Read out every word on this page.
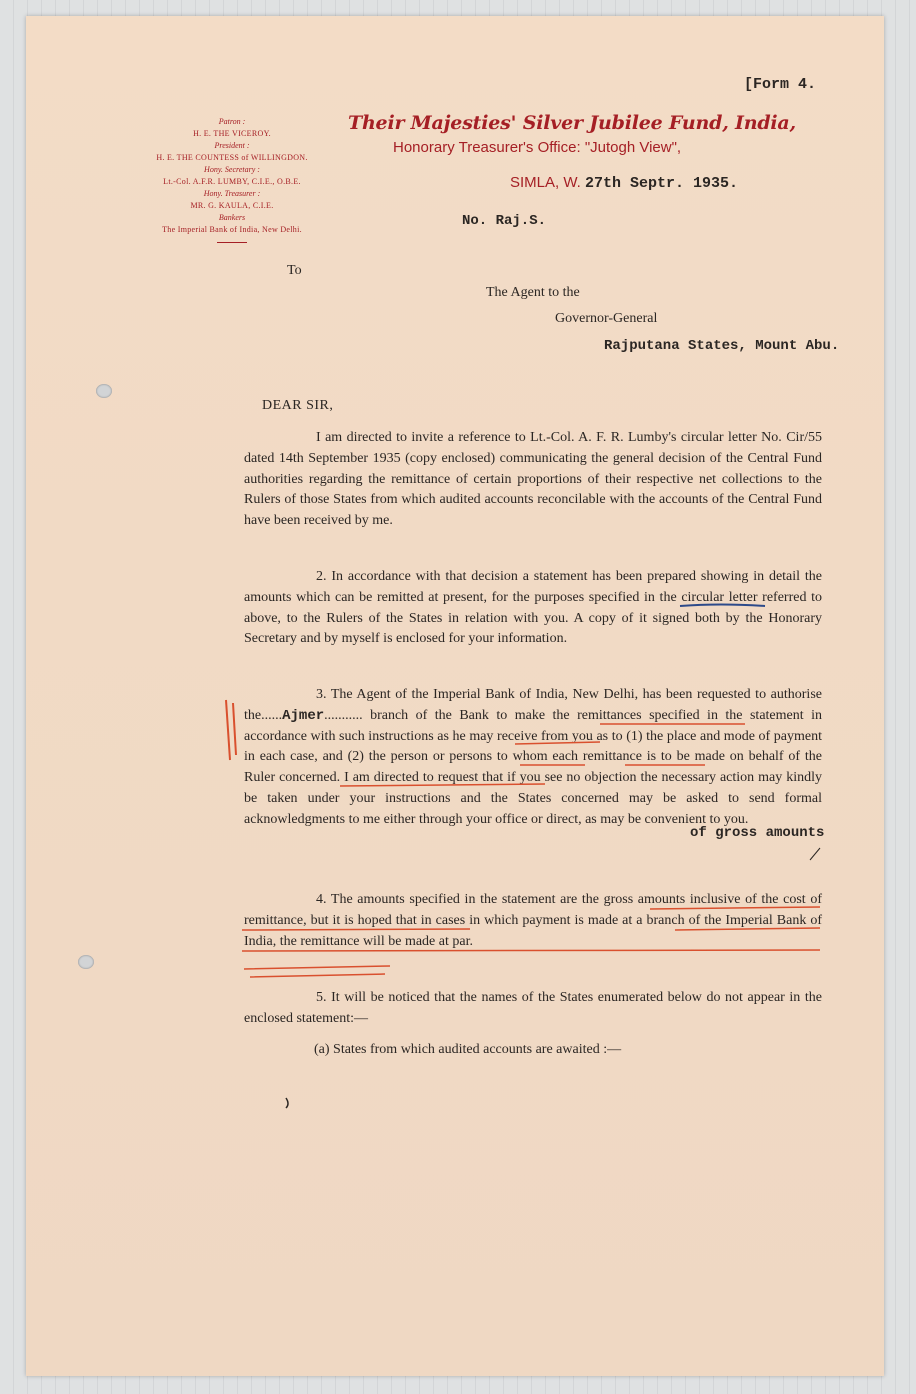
[Form 4.
Patron :
H. E. THE VICEROY.
President :
H. E. THE COUNTESS of WILLINGDON.
Hony. Secretary :
Lt.-Col. A.F.R. LUMBY, C.I.E., O.B.E.
Hony. Treasurer :
MR. G. KAULA, C.I.E.
Bankers
The Imperial Bank of India, New Delhi.
Their Majesties' Silver Jubilee Fund, India,
Honorary Treasurer's Office: "Jutogh View",
SIMLA, W. 27th Septr. 1935.
No. Raj.S.
To
The Agent to the
Governor-General
Rajputana States, Mount Abu.
DEAR SIR,
I am directed to invite a reference to Lt.-Col. A. F. R. Lumby's circular letter No. Cir/55 dated 14th September 1935 (copy enclosed) communicating the general decision of the Central Fund authorities regarding the remittance of certain proportions of their respective net collections to the Rulers of those States from which audited accounts reconcilable with the accounts of the Central Fund have been received by me.
2. In accordance with that decision a statement has been prepared showing in detail the amounts which can be remitted at present, for the purposes specified in the circular letter referred to above, to the Rulers of the States in relation with you. A copy of it signed both by the Honorary Secretary and by myself is enclosed for your information.
3. The Agent of the Imperial Bank of India, New Delhi, has been requested to authorise the......Ajmer........... branch of the Bank to make the remittances specified in the statement in accordance with such instructions as he may receive from you as to (1) the place and mode of payment in each case, and (2) the person or persons to whom each remittance is to be made on behalf of the Ruler concerned. I am directed to request that if you see no objection the necessary action may kindly be taken under your instructions and the States concerned may be asked to send formal acknowledgments to me either through your office or direct, as may be convenient to you.
of gross amounts
4. The amounts specified in the statement are the gross amounts inclusive of the cost of remittance, but it is hoped that in cases in which payment is made at a branch of the Imperial Bank of India, the remittance will be made at par.
5. It will be noticed that the names of the States enumerated below do not appear in the enclosed statement:—
(a) States from which audited accounts are awaited :—
